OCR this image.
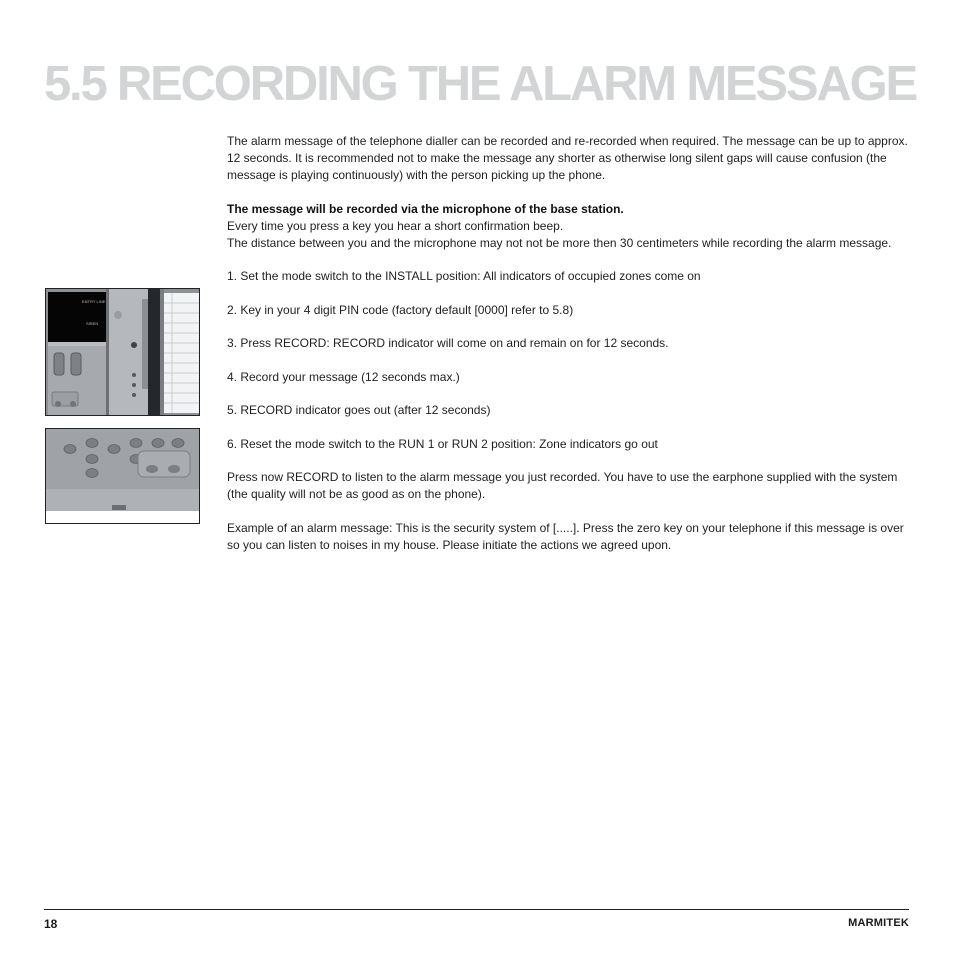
5.5 RECORDING THE ALARM MESSAGE
ENTRY LINE
SIREN

The alarm message of the telephone dialler can be recorded and re-recorded when required. The message can be up to approx. 12 seconds. It is recommended not to make the message any shorter as otherwise long silent gaps will cause confusion (the message is playing continuously) with the person picking up the phone.

The message will be recorded via the microphone of the base station.

Every time you press a key you hear a short confirmation beep.

The distance between you and the microphone may not not be more then 30 centimeters while recording the alarm message.

1. Set the mode switch to the INSTALL position: All indicators of occupied zones come on

2. Key in your 4 digit PIN code (factory default [0000] refer to 5.8)

3. Press RECORD: RECORD indicator will come on and remain on for 12 seconds.

4. Record your message (12 seconds max.)

5. RECORD indicator goes out (after 12 seconds)

6. Reset the mode switch to the RUN 1 or RUN 2 position: Zone indicators go out

Press now RECORD to listen to the alarm message you just recorded. You have to use the earphone supplied with the system (the quality will not be as good as on the phone).

Example of an alarm message: This is the security system of [.....]. Press the zero key on your telephone if this message is over so you can listen to noises in my house. Please initiate the actions we agreed upon.

18	MARMITEK
